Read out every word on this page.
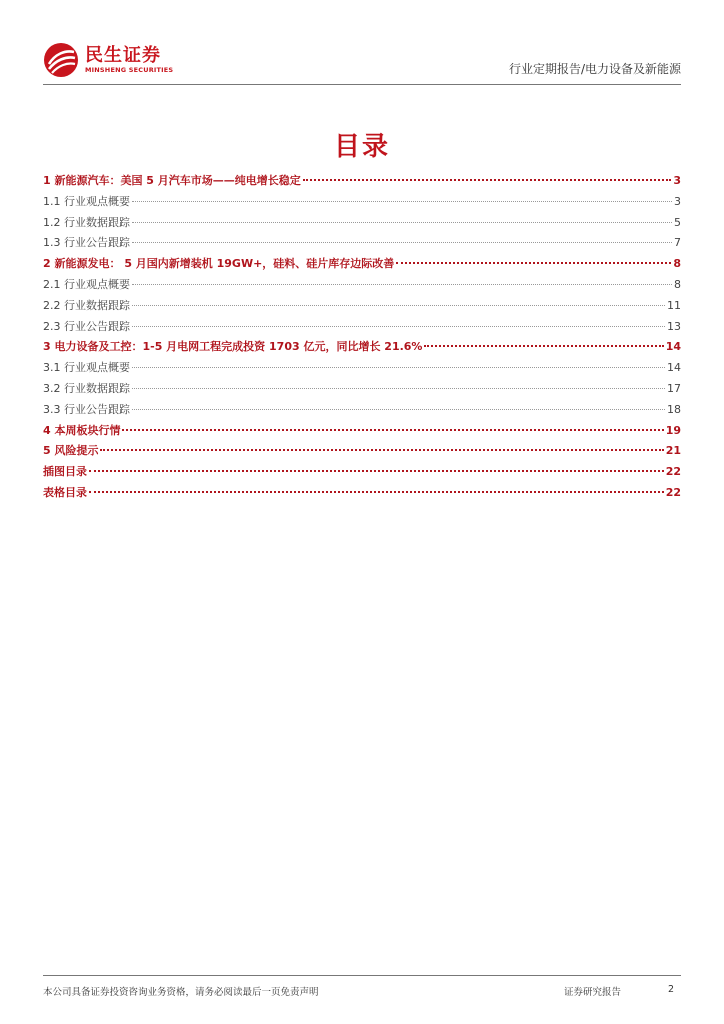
民生证券
MINSHENG SECURITIES	行业定期报告/电力设备及新能源
目录
1 新能源汽车：美国 5 月汽车市场——纯电增长稳定	3
1.1 行业观点概要	3
1.2 行业数据跟踪	5
1.3 行业公告跟踪	7
2 新能源发电： 5 月国内新增装机 19GW+，硅料、硅片库存边际改善	8
2.1 行业观点概要	8
2.2 行业数据跟踪	11
2.3 行业公告跟踪	13
3 电力设备及工控：1-5 月电网工程完成投资 1703 亿元，同比增长 21.6%	14
3.1 行业观点概要	14
3.2 行业数据跟踪	17
3.3 行业公告跟踪	18
4 本周板块行情	19
5 风险提示	21
插图目录	22
表格目录	22
本公司具备证券投资咨询业务资格，请务必阅读最后一页免责声明	证券研究报告	2
